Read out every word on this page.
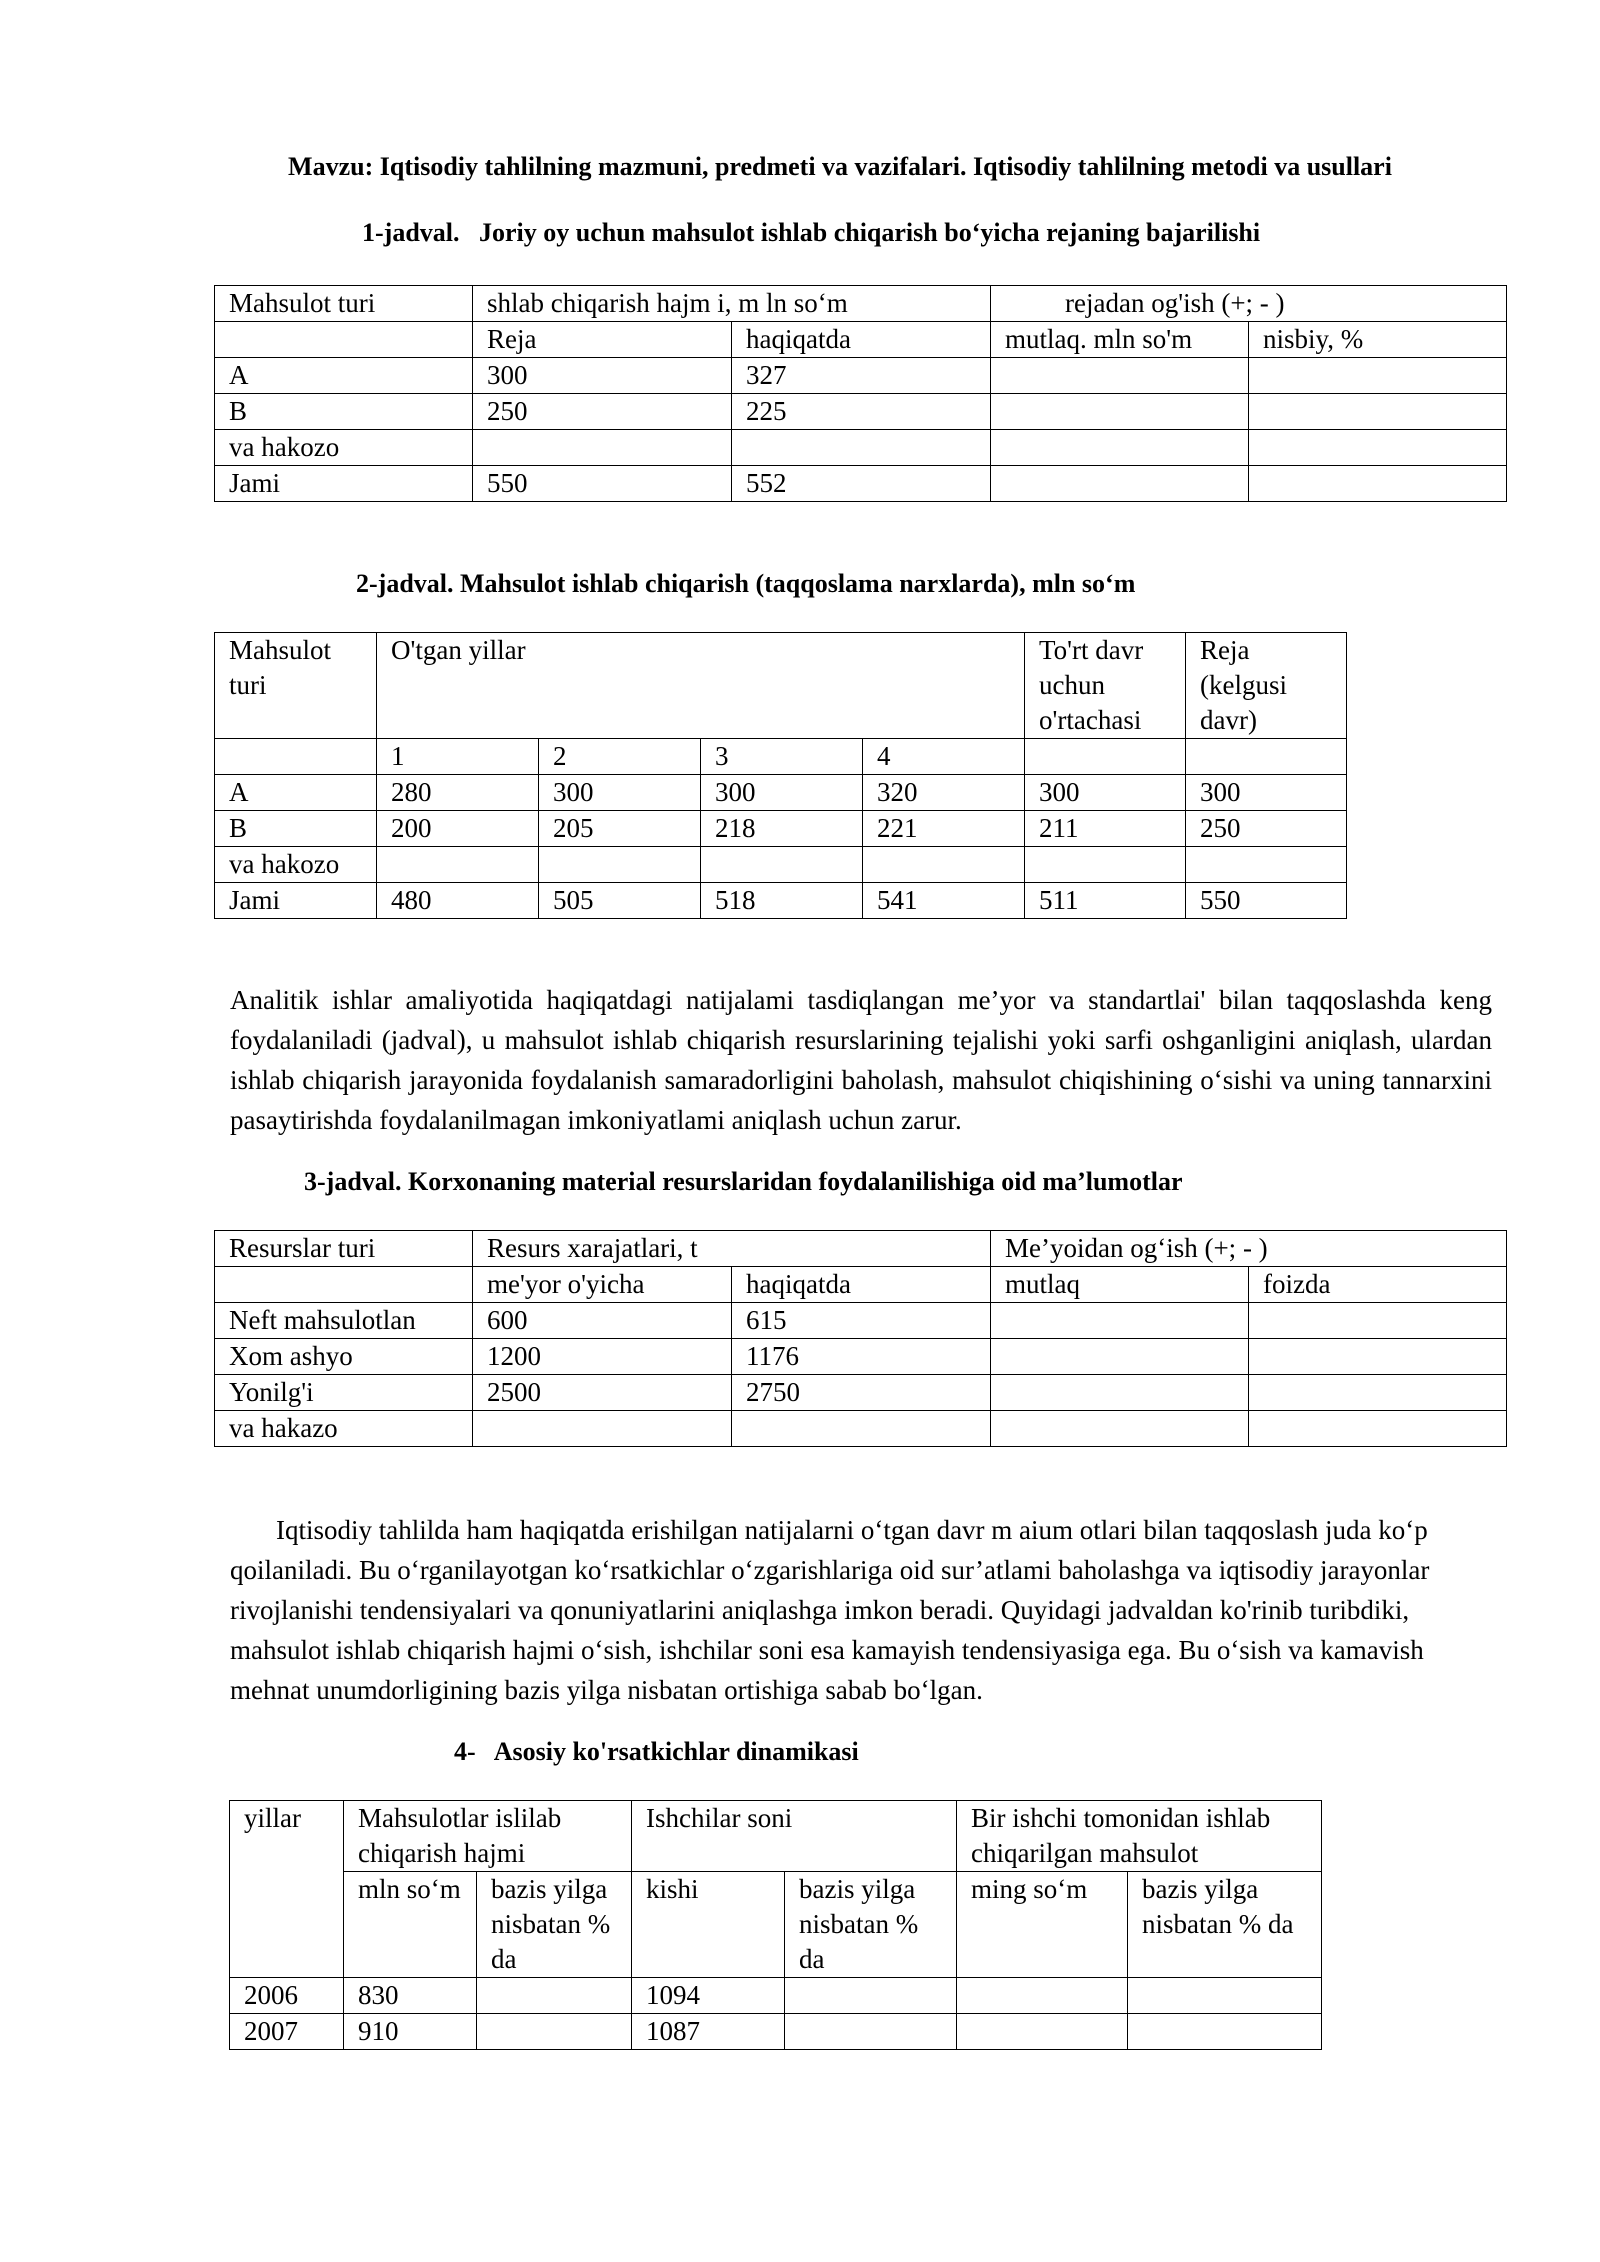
Mavzu: Iqtisodiy tahlilning mazmuni, predmeti va vazifalari. Iqtisodiy tahlilning metodi va usullari

1-jadval.   Joriy oy uchun mahsulot ishlab chiqarish bo‘yicha rejaning bajarilishi

Mahsulot turi	shlab chiqarish hajm i, m ln so‘m		rejadan og'ish (+; - )	
	Reja	haqiqatda	mutlaq. mln so'm	nisbiy, %
A	300	327		
B	250	225		
va hakozo				
Jami	550	552		

2-jadval. Mahsulot ishlab chiqarish (taqqoslama narxlarda), mln so‘m

Mahsulot turi	O'tgan yillar				To'rt davr uchun o'rtachasi	Reja (kelgusi davr)
	1	2	3	4		
A	280	300	300	320	300	300
B	200	205	218	221	211	250
va hakozo						
Jami	480	505	518	541	511	550

Analitik ishlar amaliyotida haqiqatdagi natijalami tasdiqlangan me’yor va standartlai' bilan taqqoslashda keng foydalaniladi (jadval), u mahsulot ishlab chiqarish resurslarining tejalishi yoki sarfi oshganligini aniqlash, ulardan ishlab chiqarish jarayonida foydalanish samaradorligini baholash, mahsulot chiqishining o‘sishi va uning tannarxini pasaytirishda foydalanilmagan imkoniyatlami aniqlash uchun zarur.

3-jadval. Korxonaning material resurslaridan foydalanilishiga oid ma’lumotlar

Resurslar turi	Resurs xarajatlari, t		Me’yoidan og‘ish (+; - )	
	me'yor o'yicha	haqiqatda	mutlaq	foizda
Neft mahsulotlan	600	615		
Xom ashyo	1200	1176		
Yonilg'i	2500	2750		
va hakazo				

Iqtisodiy tahlilda ham haqiqatda erishilgan natijalarni o‘tgan davr m aium otlari bilan taqqoslash juda ko‘p qoilaniladi. Bu o‘rganilayotgan ko‘rsatkichlar o‘zgarishlariga oid sur’atlami baholashga va iqtisodiy jarayonlar rivojlanishi tendensiyalari va qonuniyatlarini aniqlashga imkon beradi. Quyidagi jadvaldan ko'rinib turibdiki, mahsulot ishlab chiqarish hajmi o‘sish, ishchilar soni esa kamayish tendensiyasiga ega. Bu o‘sish va kamavish mehnat unumdorligining bazis yilga nisbatan ortishiga sabab bo‘lgan.

4-   Asosiy ko'rsatkichlar dinamikasi

yillar	Mahsulotlar islilab chiqarish hajmi		Ishchilar soni		Bir ishchi tomonidan ishlab chiqarilgan mahsulot	
	mln so‘m	bazis yilga nisbatan % da	kishi	bazis yilga nisbatan % da	ming so‘m	bazis yilga nisbatan % da
2006	830		1094			
2007	910		1087			
